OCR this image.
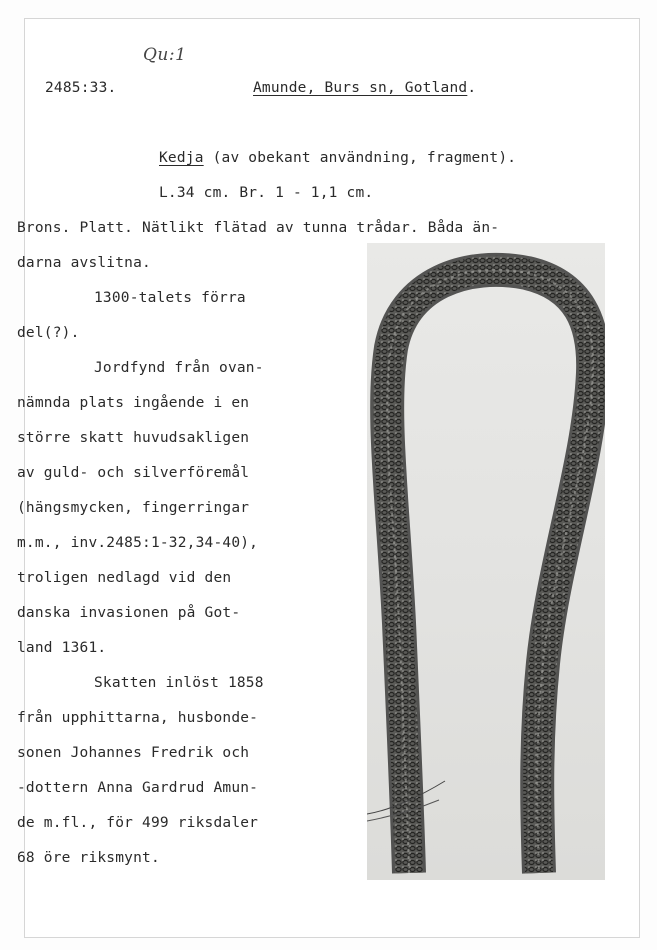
Qu:1
2485:33.	Amunde, Burs sn, Gotland.
Kedja (av obekant användning, fragment).
L.34 cm. Br. 1 - 1,1 cm.
Brons. Platt. Nätlikt flätad av tunna trådar. Båda än-
darna avslitna.
1300-talets förra
del(?).
Jordfynd från ovan-
nämnda plats ingående i en
större skatt huvudsakligen
av guld- och silverföremål
(hängsmycken, fingerringar
m.m., inv.2485:1-32,34-40),
troligen nedlagd vid den
danska invasionen på Got-
land 1361.
Skatten inlöst 1858
från upphittarna, husbonde-
sonen Johannes Fredrik och
-dottern Anna Gardrud Amun-
de m.fl., för 499 riksdaler
68 öre riksmynt.
